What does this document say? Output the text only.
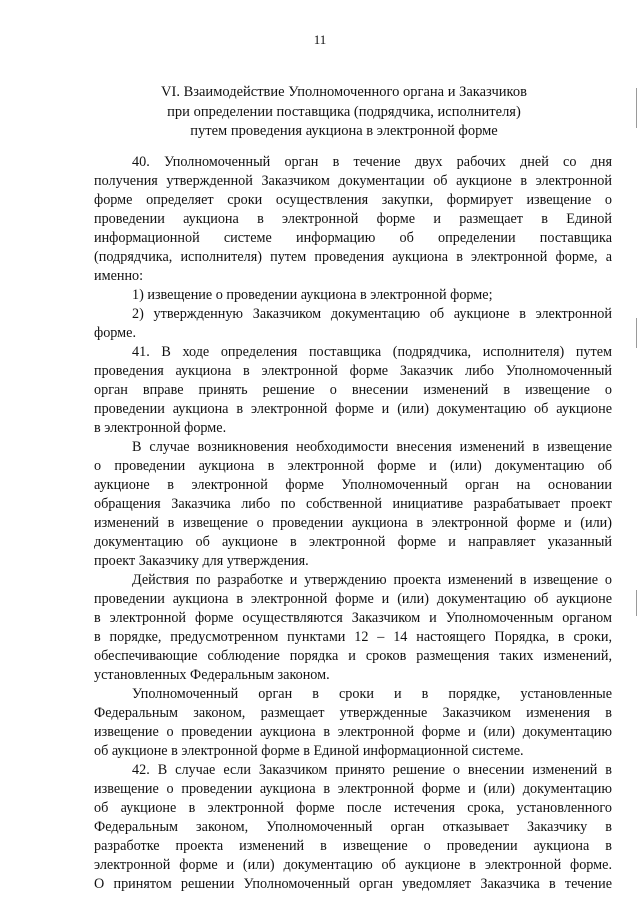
11
VI. Взаимодействие Уполномоченного органа и Заказчиков
при определении поставщика (подрядчика, исполнителя)
путем проведения аукциона в электронной форме
40. Уполномоченный орган в течение двух рабочих дней со дня
получения утвержденной Заказчиком документации об аукционе в электронной
форме определяет сроки осуществления закупки, формирует извещение о
проведении аукциона в электронной форме и размещает в Единой
информационной системе информацию об определении поставщика
(подрядчика, исполнителя) путем проведения аукциона в электронной форме, а
именно:
1) извещение о проведении аукциона в электронной форме;
2) утвержденную Заказчиком документацию об аукционе в электронной
форме.
41. В ходе определения поставщика (подрядчика, исполнителя) путем
проведения аукциона в электронной форме Заказчик либо Уполномоченный
орган вправе принять решение о внесении изменений в извещение о
проведении аукциона в электронной форме и (или) документацию об аукционе
в электронной форме.
В случае возникновения необходимости внесения изменений в извещение
о проведении аукциона в электронной форме и (или) документацию об
аукционе в электронной форме Уполномоченный орган на основании
обращения Заказчика либо по собственной инициативе разрабатывает проект
изменений в извещение о проведении аукциона в электронной форме и (или)
документацию об аукционе в электронной форме и направляет указанный
проект Заказчику для утверждения.
Действия по разработке и утверждению проекта изменений в извещение о
проведении аукциона в электронной форме и (или) документацию об аукционе
в электронной форме осуществляются Заказчиком и Уполномоченным органом
в порядке, предусмотренном пунктами 12 – 14 настоящего Порядка, в сроки,
обеспечивающие соблюдение порядка и сроков размещения таких изменений,
установленных Федеральным законом.
Уполномоченный орган в сроки и в порядке, установленные
Федеральным законом, размещает утвержденные Заказчиком изменения в
извещение о проведении аукциона в электронной форме и (или) документацию
об аукционе в электронной форме в Единой информационной системе.
42. В случае если Заказчиком принято решение о внесении изменений в
извещение о проведении аукциона в электронной форме и (или) документацию
об аукционе в электронной форме после истечения срока, установленного
Федеральным законом, Уполномоченный орган отказывает Заказчику в
разработке проекта изменений в извещение о проведении аукциона в
электронной форме и (или) документацию об аукционе в электронной форме.
О принятом решении Уполномоченный орган уведомляет Заказчика в течение
